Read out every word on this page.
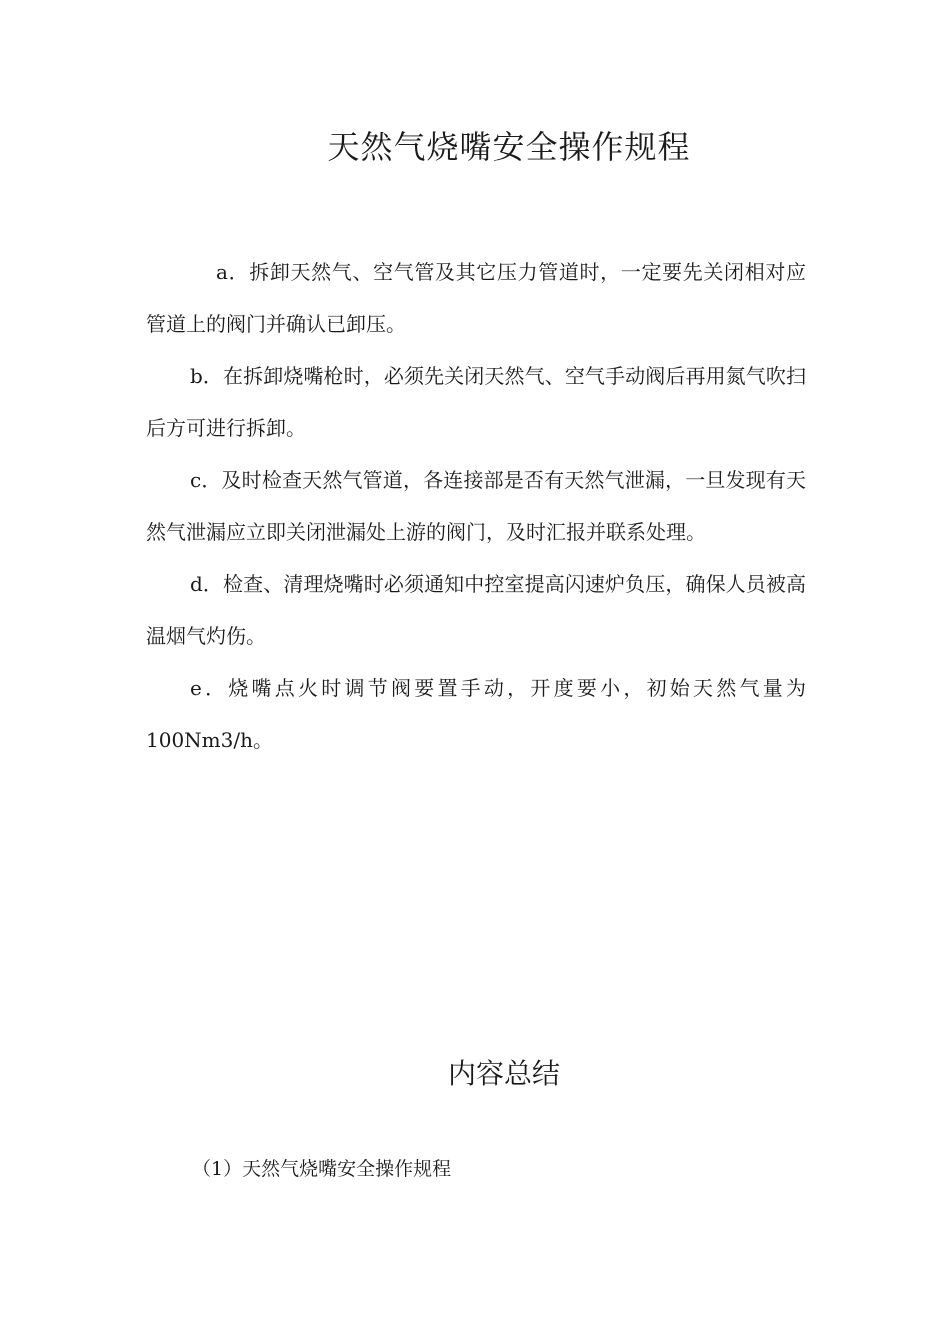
天然气烧嘴安全操作规程

a．拆卸天然气、空气管及其它压力管道时，一定要先关闭相对应管道上的阀门并确认已卸压。

b．在拆卸烧嘴枪时，必须先关闭天然气、空气手动阀后再用氮气吹扫后方可进行拆卸。

c．及时检查天然气管道，各连接部是否有天然气泄漏，一旦发现有天然气泄漏应立即关闭泄漏处上游的阀门，及时汇报并联系处理。

d．检查、清理烧嘴时必须通知中控室提高闪速炉负压，确保人员被高温烟气灼伤。

e．烧嘴点火时调节阀要置手动，开度要小，初始天然气量为100Nm3/h。

内容总结

（1）天然气烧嘴安全操作规程
